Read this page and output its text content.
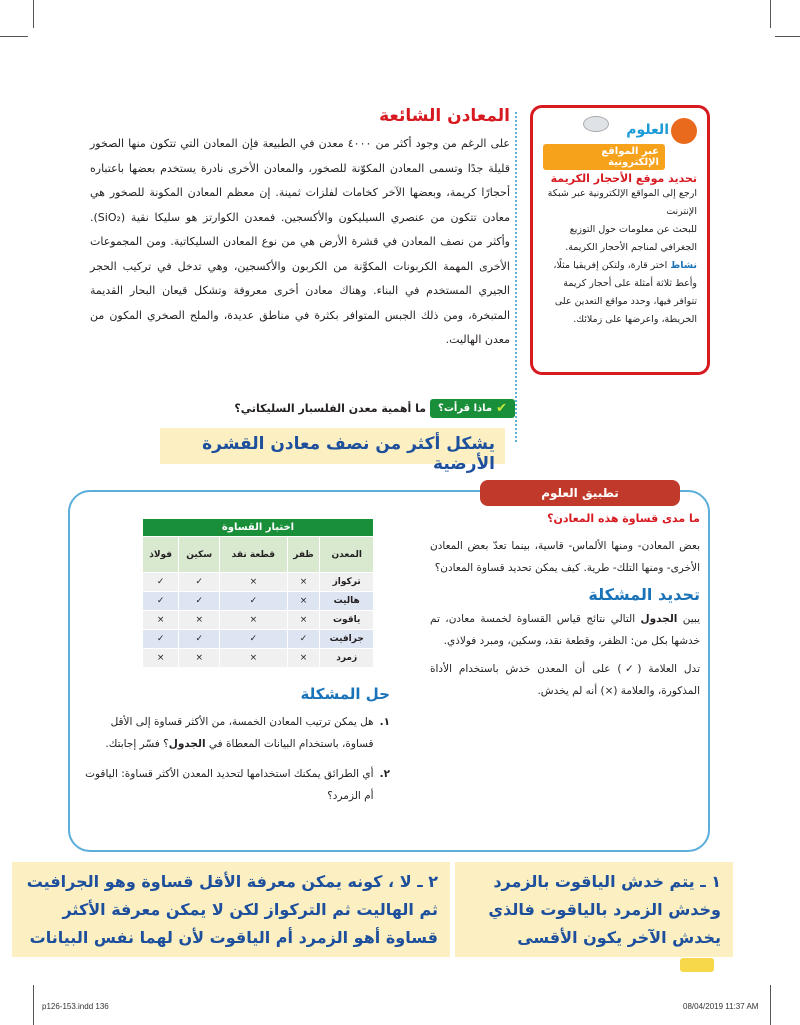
المعادن الشائعة

على الرغم من وجود أكثر من ٤٠٠٠ معدن في الطبيعة فإن المعادن التي تتكون منها الصخور قليلة جدًا وتسمى المعادن المكوّنة للصخور، والمعادن الأخرى نادرة يستخدم بعضها باعتباره أحجارًا كريمة، وبعضها الآخر كخامات لفلزات ثمينة. إن معظم المعادن المكونة للصخور هي معادن تتكون من عنصري السيليكون والأكسجين. فمعدن الكوارتز هو سليكا نقية (SiO₂). وأكثر من نصف المعادن في قشرة الأرض هي من نوع المعادن السليكاتية. ومن المجموعات الأخرى المهمة الكربونات المكوَّنة من الكربون والأكسجين، وهي تدخل في تركيب الحجر الجيري المستخدم في البناء. وهناك معادن أخرى معروفة وتشكل قيعان البحار القديمة المتبخرة، ومن ذلك الجبس المتوافر بكثرة في مناطق عديدة، والملح الصخري المكون من معدن الهاليت.

✔
ماذا قرأت؟
ما أهمية معدن الفلسبار السليكاتي؟
يشكل أكثر من نصف معادن القشرة الأرضية
العلوم
عبر المواقع الإلكترونية
تحديد موقع الأحجار الكريمة

ارجع إلى المواقع الإلكترونية عبر شبكة الإنترنت

للبحث عن معلومات حول التوزيع الجغرافي لمناجم الأحجار الكريمة.

نشاط اختر قارة، ولتكن إفريقيا مثلًا، وأعط ثلاثة أمثلة على أحجار كريمة تتوافر فيها، وحدد مواقع التعدين على الخريطة، واعرضها على زملائك.

تطبيق العلوم
ما مدى قساوة هذه المعادن؟

بعض المعادن- ومنها الألماس- قاسية، بينما تعدّ بعض المعادن الأخرى- ومنها التلك- طرية. كيف يمكن تحديد قساوة المعادن؟

تحديد المشكلة

يبين الجدول التالي نتائج قياس القساوة لخمسة معادن، تم خدشها بكل من: الظفر، وقطعة نقد، وسكين، ومبرد فولاذي.

تدل العلامة (✓) على أن المعدن خدش باستخدام الأداة المذكورة، والعلامة (×) أنه لم يخدش.

اختبار القساوة				
المعدن	ظفر	قطعة نقد	سكين	فولاذ
تركواز	×	×	✓	✓
هاليت	×	✓	✓	✓
ياقوت	×	×	×	×
جرافيت	✓	✓	✓	✓
زمرد	×	×	×	×
حل المشكلة
١.
هل يمكن ترتيب المعادن الخمسة، من الأكثر قساوة إلى الأقل قساوة، باستخدام البيانات المعطاة في الجدول؟ فسّر إجابتك.
٢.
أي الطرائق يمكنك استخدامها لتحديد المعدن الأكثر قساوة: الياقوت أم الزمرد؟
١ ـ يتم خدش الياقوت بالزمرد وخدش الزمرد بالياقوت فالذي يخدش الآخر يكون الأقسى
٢ ـ لا ، كونه يمكن معرفة الأقل قساوة وهو الجرافيت ثم الهاليت ثم التركواز لكن لا يمكن معرفة الأكثر قساوة أهو الزمرد أم الياقوت لأن لهما نفس البيانات
p126-153.indd 136	08/04/2019 11:37 AM
